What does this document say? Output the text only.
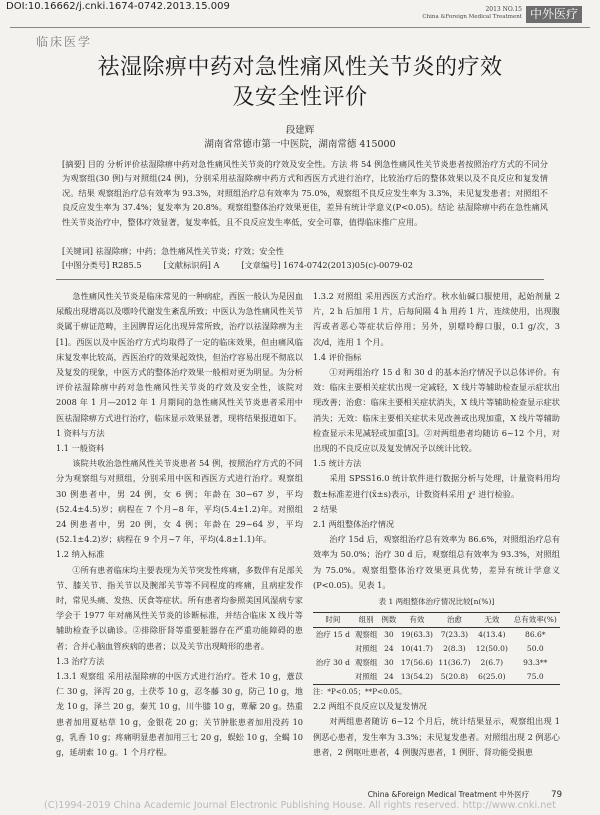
DOI:10.16662/j.cnki.1674-0742.2013.15.009	2013 NO.15
China &Foreign Medical Treatment 中外医疗
临床医学
祛湿除痹中药对急性痛风性关节炎的疗效
及安全性评价
段建辉
湖南省常德市第一中医院，湖南常德 415000
[摘要] 目的 分析评价祛湿除痹中药对急性痛风性关节炎的疗效及安全性。方法 将 54 例急性痛风性关节炎患者按照治疗方式的不同分为观察组(30 例)与对照组(24 例)，分别采用祛湿除痹中药方式和西医方式进行治疗，比较治疗后的整体效果以及不良反应和复发情况。结果 观察组治疗总有效率为 93.3%，对照组治疗总有效率为 75.0%，观察组不良反应发生率为 3.3%，未见复发患者；对照组不良反应发生率为 37.4%；复发率为 20.8%。观察组整体治疗效果更佳，差异有统计学意义(P<0.05)。结论 祛湿除痹中药在急性痛风性关节炎治疗中，整体疗效显著，复发率低，且不良反应发生率低，安全可靠，值得临床推广应用。
[关键词] 祛湿除痹；中药；急性痛风性关节炎；疗效；安全性
[中图分类号] R285.5	[文献标识码] A	[文章编号] 1674-0742(2013)05(c)-0079-02

急性痛风性关节炎是临床常见的一种病症，西医一般认为是因血尿酸出现增高以及嘌呤代谢发生紊乱所致；中医认为急性痛风性关节炎属于痹证范畴，主因脾胃运化出现异常所致，治疗以祛湿除痹为主[1]。西医以及中医治疗方式均取得了一定的临床效果，但由痛风临床复发率比较高，西医治疗的效果起效快，但治疗容易出现不彻底以及复发的现象，中医方式的整体治疗效果一般相对更为明显。为分析评价祛湿除痹中药对急性痛风性关节炎的疗效及安全性，该院对 2008 年 1 月—2012 年 1 月期间的急性痛风性关节炎患者采用中医祛湿除痹方式进行治疗，临床显示效果显著，现将结果报道如下。

1 资料与方法

1.1 一般资料

该院共收治急性痛风性关节炎患者 54 例，按照治疗方式的不同分为观察组与对照组，分别采用中医和西医方式进行治疗。观察组 30 例患者中，男 24 例，女 6 例；年龄在 30~67 岁，平均(52.4±4.5)岁；病程在 7 个月~8 年，平均(5.4±1.2)年。对照组 24 例患者中，男 20 例，女 4 例；年龄在 29~64 岁，平均(52.1±4.2)岁；病程在 9 个月~7 年，平均(4.8±1.1)年。

1.2 纳入标准

①所有患者临床均主要表现为关节突发性疼痛，多数伴有足部关节、膝关节、指关节以及腕部关节等不同程度的疼痛，且病症发作时，常见头痛、发热、厌食等症状。所有患者均参照美国风湿病专家学会于 1977 年对痛风性关节炎的诊断标准，并结合临床 X 线片等辅助检查予以确诊。②排除肝肾等重要脏器存在严重功能障碍的患者；合并心脑血管疾病的患者；以及关节出现畸形的患者。

1.3 治疗方法

1.3.1 观察组 采用祛湿除痹的中医方式进行治疗。苍术 10 g，薏苡仁 30 g，泽泻 20 g，土茯苓 10 g，忍冬藤 30 g，防己 10 g，地龙 10 g，泽兰 20 g，秦艽 10 g，川牛膝 10 g，萆薢 20 g。热重患者加用夏枯草 10 g，金银花 20 g；关节肿胀患者加用没药 10 g，乳香 10 g；疼痛明显患者加用三七 20 g，蜈蚣 10 g，全蝎 10 g，延胡索 10 g。1 个月疗程。

1.3.2 对照组 采用西医方式治疗。秋水仙碱口服使用，起始剂量 2 片，2 h 后加用 1 片，后每间隔 4 h 用药 1 片，连续使用，出现腹泻或者恶心等症状后停用；另外，别嘌呤醇口服，0.1 g/次，3 次/d，连用 1 个月。

1.4 评价指标

①对两组治疗 15 d 和 30 d 的基本治疗情况予以总体评价。有效：临床主要相关症状出现一定减轻，X 线片等辅助检查显示症状出现改善；治愈：临床主要相关症状消失，X 线片等辅助检查显示症状消失；无效：临床主要相关症状未见改善或出现加重，X 线片等辅助检查显示未见减轻或加重[3]。②对两组患者均随访 6~12 个月，对出现的不良反应以及复发情况予以统计比较。

1.5 统计方法

采用 SPSS16.0 统计软件进行数据分析与处理，计量资料用均数±标准差进行(x̄±s)表示，计数资料采用 χ² 进行检验。

2 结果

2.1 两组整体治疗情况

治疗 15d 后，观察组治疗总有效率为 86.6%，对照组治疗总有效率为 50.0%；治疗 30 d 后，观察组总有效率为 93.3%，对照组为 75.0%。观察组整体治疗效果更具优势，差异有统计学意义(P<0.05)。见表 1。

表 1 两组整体治疗情况比较[n(%)]
时间	组别	例数	有效	治愈	无效	总有效率(%)
治疗 15 d	观察组	30	19(63.3)	7(23.3)	4(13.4)	86.6*
	对照组	24	10(41.7)	2(8.3)	12(50.0)	50.0
治疗 30 d	观察组	30	17(56.6)	11(36.7)	2(6.7)	93.3**
	对照组	24	13(54.2)	5(20.8)	6(25.0)	75.0
注：*P<0.05；**P<0.05。

2.2 两组不良反应以及复发情况

对两组患者随访 6~12 个月后，统计结果显示，观察组出现 1 例恶心患者，发生率为 3.3%；未见复发患者。对照组出现 2 例恶心患者，2 例呕吐患者，4 例腹泻患者，1 例肝、肾功能受损患

China &Foreign Medical Treatment 中外医疗	79
(C)1994-2019 China Academic Journal Electronic Publishing House. All rights reserved. http://www.cnki.net
